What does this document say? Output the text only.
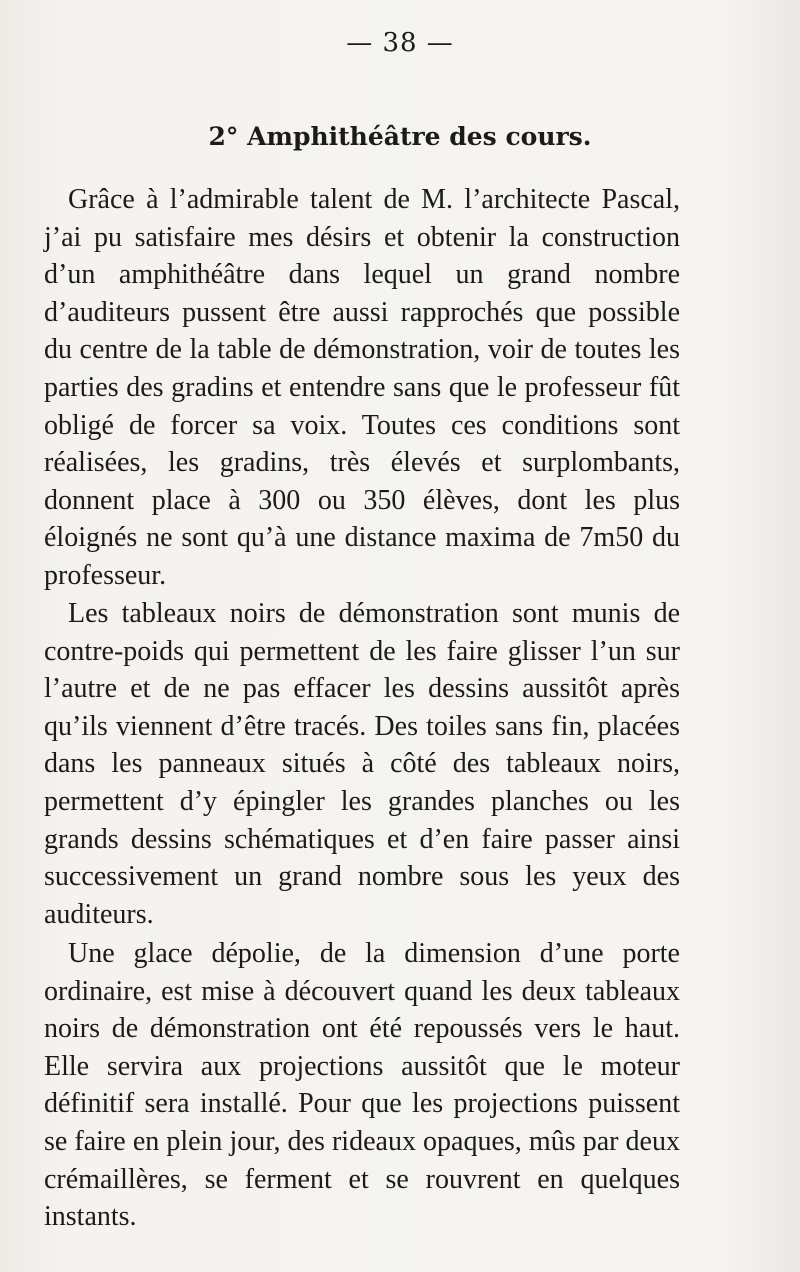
— 38 —
2° Amphithéâtre des cours.

Grâce à l’admirable talent de M. l’architecte Pascal, j’ai pu satisfaire mes désirs et obtenir la construction d’un amphithéâtre dans lequel un grand nombre d’auditeurs pussent être aussi rapprochés que possible du centre de la table de démonstration, voir de toutes les parties des gradins et entendre sans que le professeur fût obligé de forcer sa voix. Toutes ces conditions sont réalisées, les gradins, très élevés et surplombants, donnent place à 300 ou 350 élèves, dont les plus éloignés ne sont qu’à une distance maxima de 7m50 du professeur.

Les tableaux noirs de démonstration sont munis de contre-poids qui permettent de les faire glisser l’un sur l’autre et de ne pas effacer les dessins aussitôt après qu’ils viennent d’être tracés. Des toiles sans fin, placées dans les panneaux situés à côté des tableaux noirs, permettent d’y épingler les grandes planches ou les grands dessins schématiques et d’en faire passer ainsi successivement un grand nombre sous les yeux des auditeurs.

Une glace dépolie, de la dimension d’une porte ordinaire, est mise à découvert quand les deux tableaux noirs de démonstration ont été repoussés vers le haut. Elle servira aux projections aussitôt que le moteur définitif sera installé. Pour que les projections puissent se faire en plein jour, des rideaux opaques, mûs par deux crémaillères, se ferment et se rouvrent en quelques instants.
